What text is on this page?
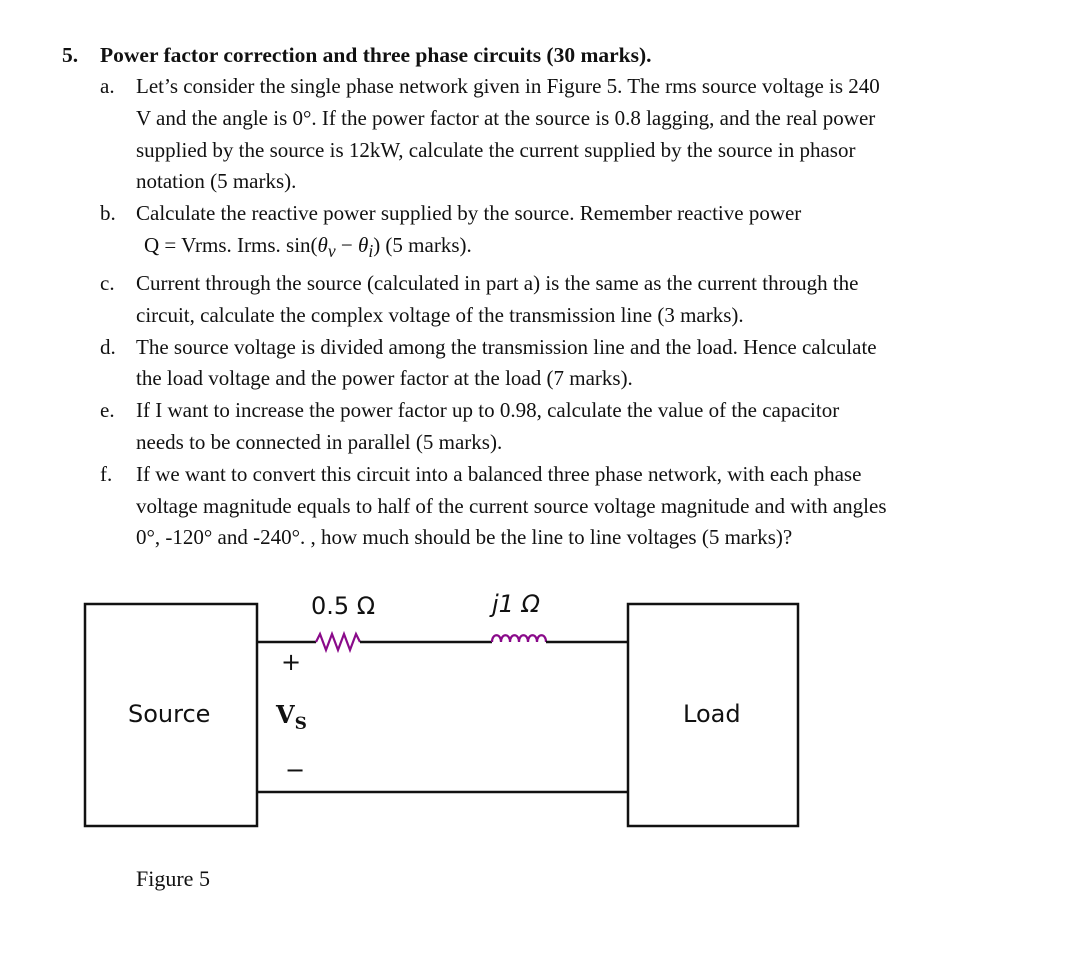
5. Power factor correction and three phase circuits (30 marks).
a. Let’s consider the single phase network given in Figure 5. The rms source voltage is 240
V and the angle is 0°. If the power factor at the source is 0.8 lagging, and the real power
supplied by the source is 12kW, calculate the current supplied by the source in phasor
notation (5 marks).
b. Calculate the reactive power supplied by the source. Remember reactive power
Q = Vrms. Irms. $\sin(\theta_v - \theta_i)$ (5 marks).
c. Current through the source (calculated in part a) is the same as the current through the
circuit, calculate the complex voltage of the transmission line (3 marks).
d. The source voltage is divided among the transmission line and the load. Hence calculate
the load voltage and the power factor at the load (7 marks).
e. If I want to increase the power factor up to 0.98, calculate the value of the capacitor
needs to be connected in parallel (5 marks).
f. If we want to convert this circuit into a balanced three phase network, with each phase
voltage magnitude equals to half of the current source voltage magnitude and with angles
0°, -120° and -240°. , how much should be the line to line voltages (5 marks)?
0.5 Ω	j1 Ω
Source	Load
+
$V_S$
−
Figure 5
